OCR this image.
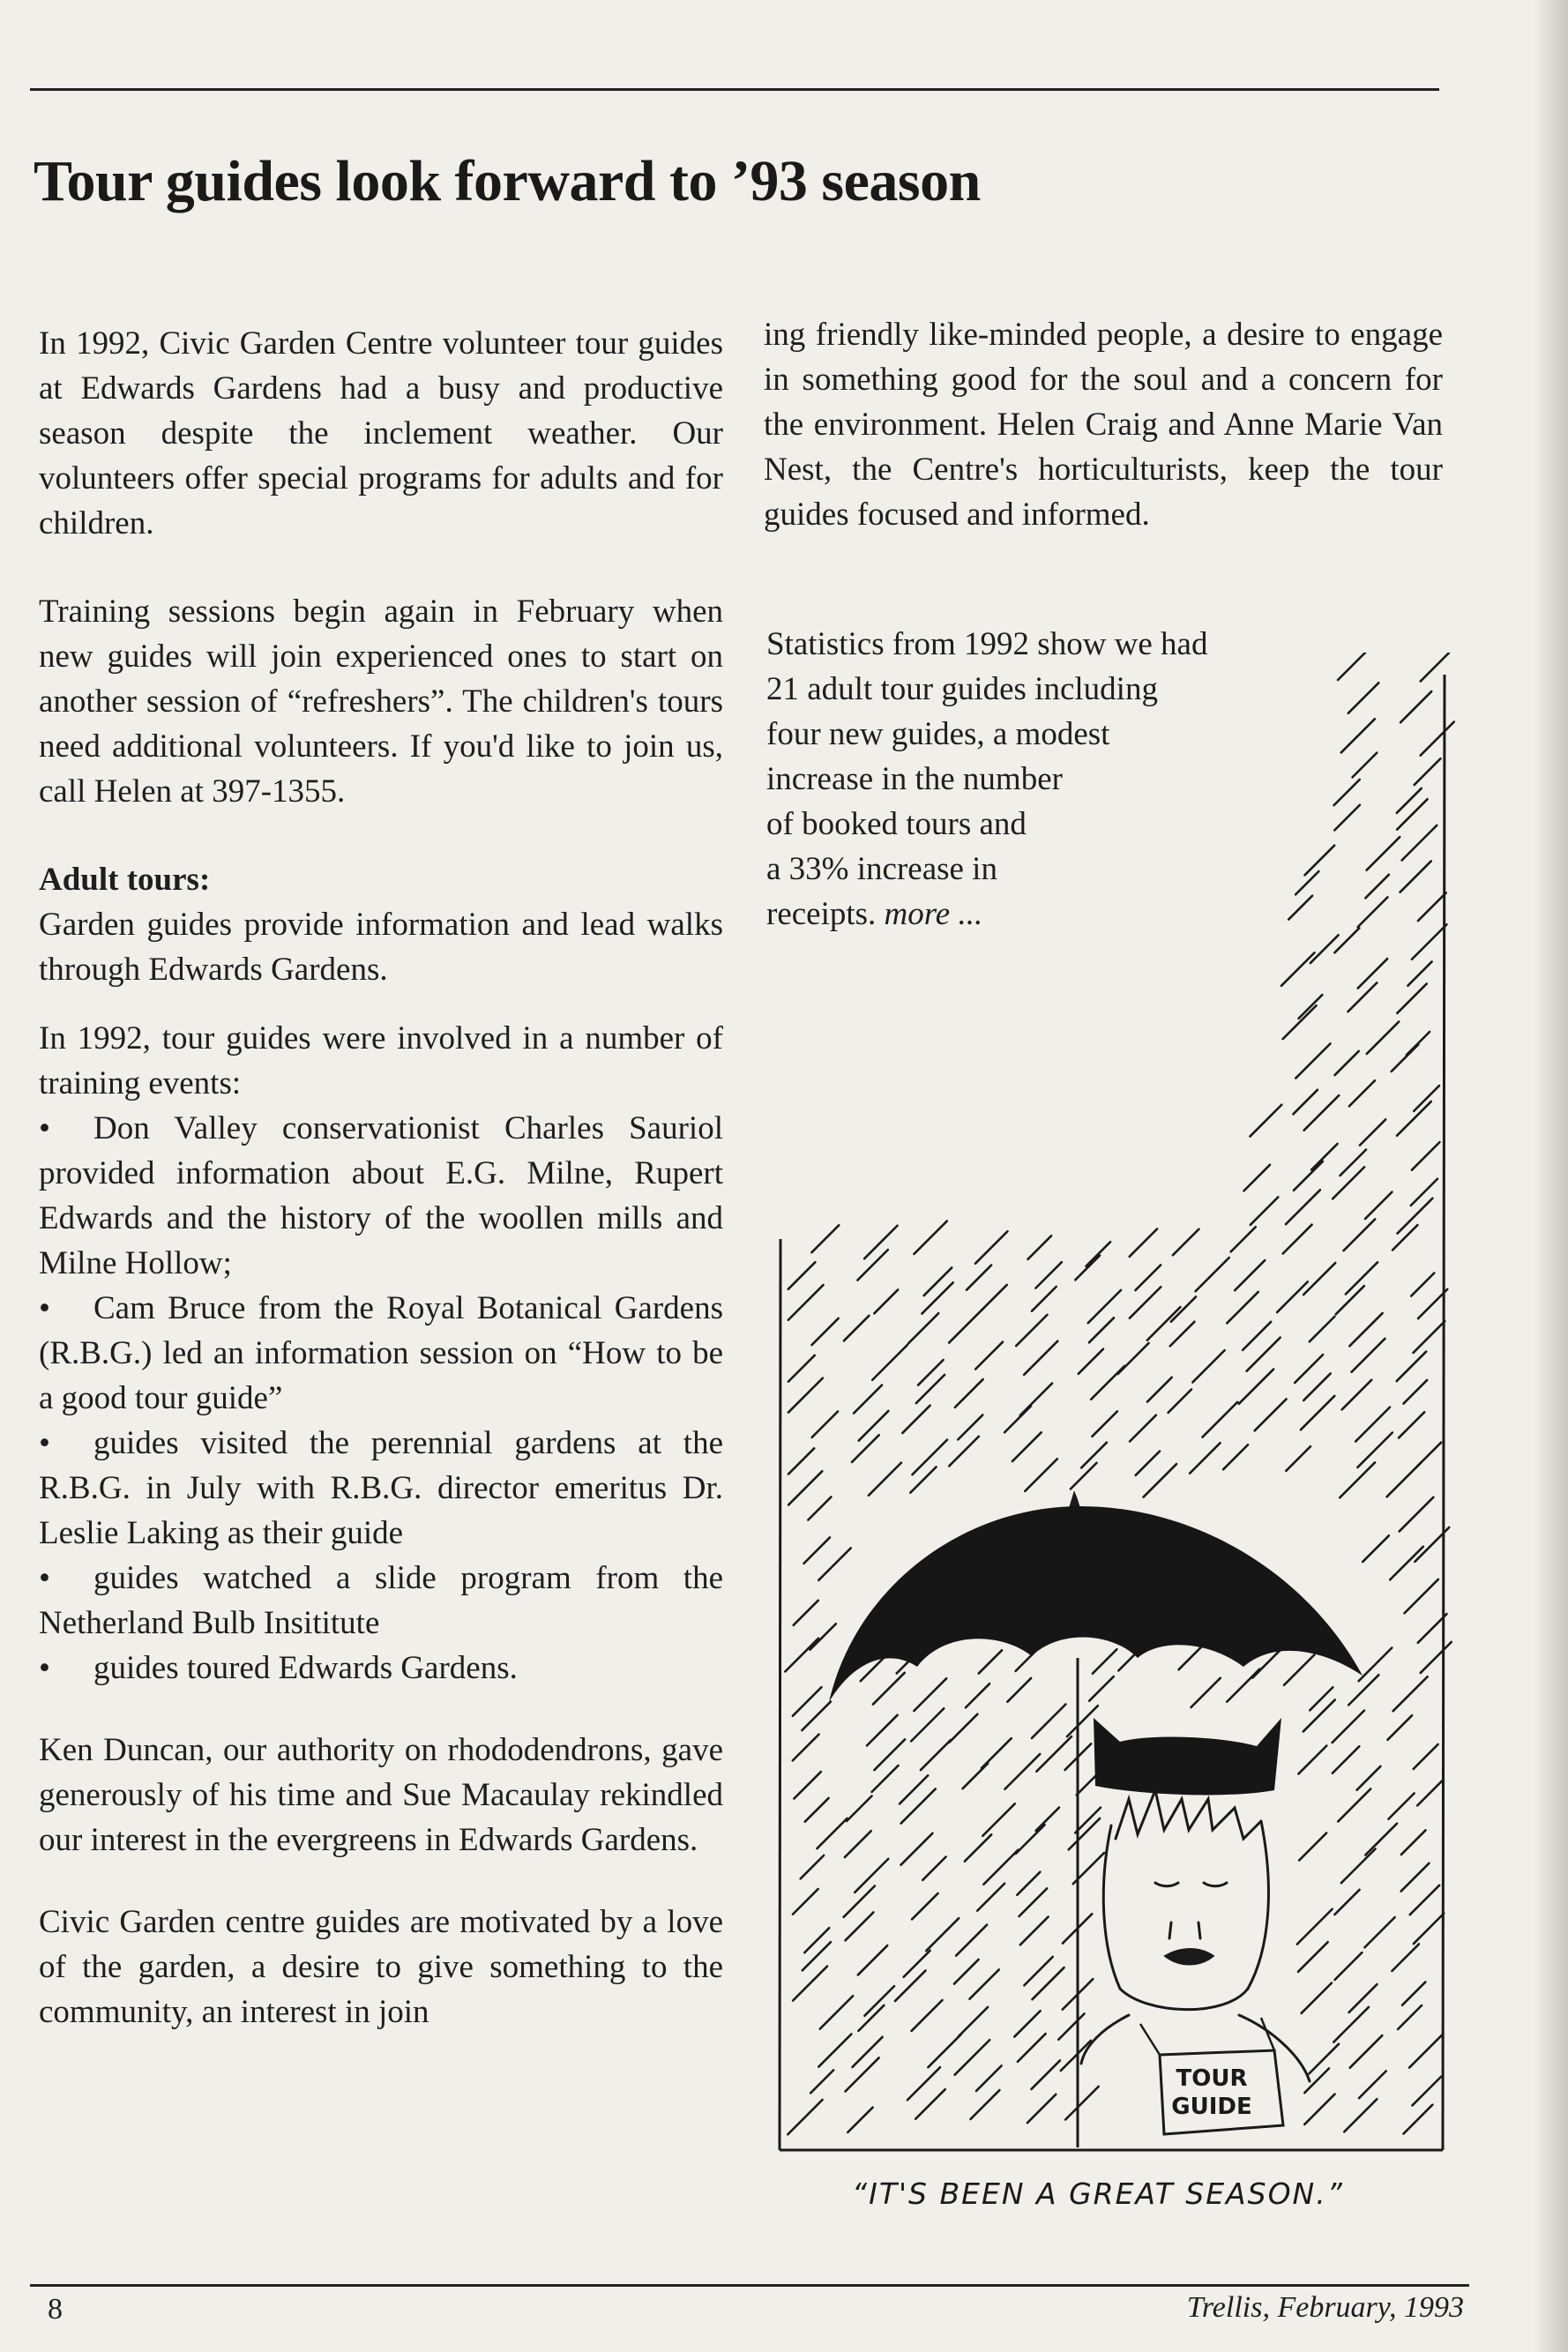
Tour guides look forward to ’93 season

In 1992, Civic Garden Centre volunteer tour guides at Edwards Gardens had a busy and productive season despite the inclement weather. Our volunteers offer special programs for adults and for children.

Training sessions begin again in February when new guides will join experienced ones to start on another session of “refreshers”. The children's tours need additional volunteers. If you'd like to join us, call Helen at 397-1355.

Adult tours:

Garden guides provide information and lead walks through Edwards Gardens.

In 1992, tour guides were involved in a number of training events:

• Don Valley conservationist Charles Sauriol provided information about E.G. Milne, Rupert Edwards and the history of the woollen mills and Milne Hollow;

• Cam Bruce from the Royal Botanical Gardens (R.B.G.) led an information session on “How to be a good tour guide”

• guides visited the perennial gardens at the R.B.G. in July with R.B.G. director emeritus Dr. Leslie Laking as their guide

• guides watched a slide program from the Netherland Bulb Insititute

• guides toured Edwards Gardens.

Ken Duncan, our authority on rhododendrons, gave generously of his time and Sue Macaulay rekindled our interest in the evergreens in Edwards Gardens.

Civic Garden centre guides are motivated by a love of the garden, a desire to give something to the community, an interest in join

ing friendly like-minded people, a desire to engage in something good for the soul and a concern for the environment. Helen Craig and Anne Marie Van Nest, the Centre's horticulturists, keep the tour guides focused and informed.

TOUR
GUIDE

Statistics from 1992 show we had

21 adult tour guides including

four new guides, a modest

increase in the number

of booked tours and

a 33% increase in

receipts. more ...

“IT'S BEEN A GREAT SEASON.”
8	Trellis, February, 1993
